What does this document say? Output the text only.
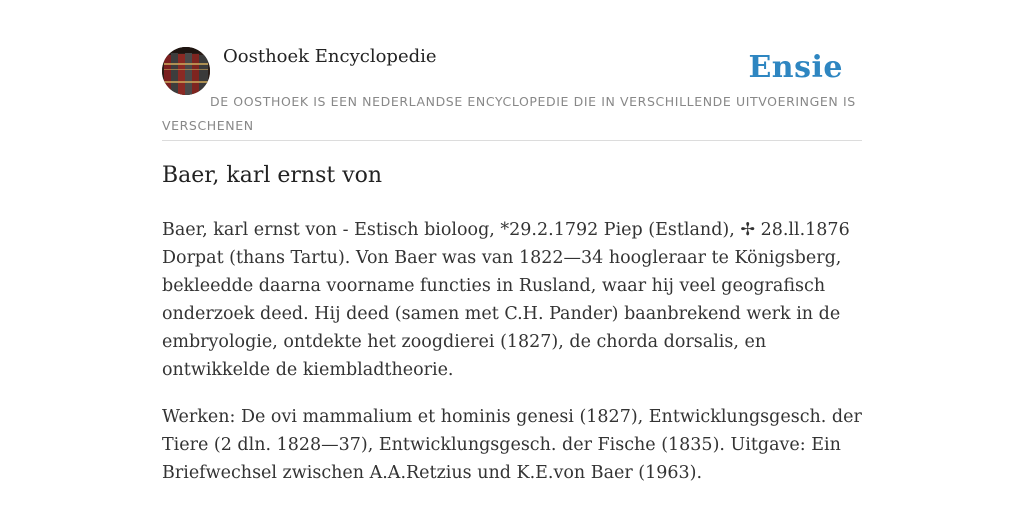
Oosthoek Encyclopedie	Ensie
DE OOSTHOEK IS EEN NEDERLANDSE ENCYCLOPEDIE DIE IN VERSCHILLENDE UITVOERINGEN IS VERSCHENEN
Baer, karl ernst von

Baer, karl ernst von - Estisch bioloog, *29.2.1792 Piep (Estland), ✢ 28.ll.1876 Dorpat (thans Tartu). Von Baer was van 1822—34 hoogleraar te Königsberg, bekleedde daarna voorname functies in Rusland, waar hij veel geografisch onderzoek deed. Hij deed (samen met C.H. Pander) baanbrekend werk in de embryologie, ontdekte het zoogdierei (1827), de chorda dorsalis, en ontwikkelde de kiembladtheorie.

Werken: De ovi mammalium et hominis genesi (1827), Entwicklungsgesch. der Tiere (2 dln. 1828—37), Entwicklungsgesch. der Fische (1835). Uitgave: Ein Briefwechsel zwischen A.A.Retzius und K.E.von Baer (1963).
